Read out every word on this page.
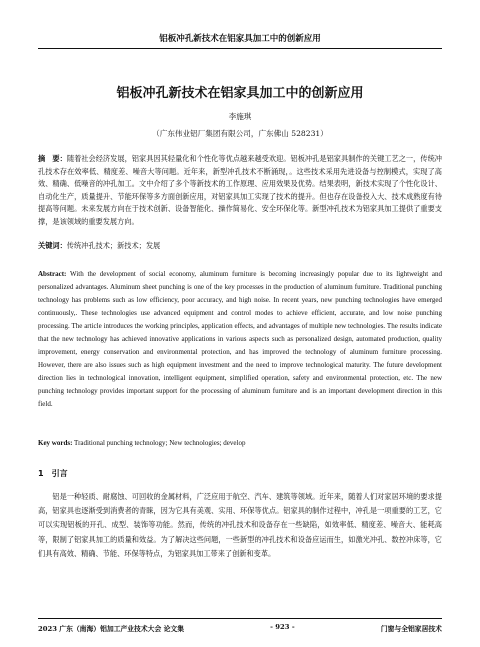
铝板冲孔新技术在铝家具加工中的创新应用
铝板冲孔新技术在铝家具加工中的创新应用
李施琪
（广东伟业铝厂集团有限公司，广东佛山 528231）
摘　要：随着社会经济发展，铝家具因其轻量化和个性化等优点越来越受欢迎。铝板冲孔是铝家具制作的关键工艺之一，传统冲孔技术存在效率低、精度差、噪音大等问题。近年来，新型冲孔技术不断涌现，。这些技术采用先进设备与控制模式，实现了高效、精确、低噪音的冲孔加工。文中介绍了多个等新技术的工作原理、应用效果及优势。结果表明，新技术实现了个性化设计、自动化生产，质量提升、节能环保等多方面创新应用，对铝家具加工实现了技术的提升。但也存在设备投入大、技术成熟度有待提高等问题。未来发展方向在于技术创新、设备智能化、操作简易化、安全环保化等。新型冲孔技术为铝家具加工提供了重要支撑，是该领域的重要发展方向。
关键词：传统冲孔技术；新技术；发展
Abstract: With the development of social economy, aluminum furniture is becoming increasingly popular due to its lightweight and personalized advantages. Aluminum sheet punching is one of the key processes in the production of aluminum furniture. Traditional punching technology has problems such as low efficiency, poor accuracy, and high noise. In recent years, new punching technologies have emerged continuously,. These technologies use advanced equipment and control modes to achieve efficient, accurate, and low noise punching processing. The article introduces the working principles, application effects, and advantages of multiple new technologies. The results indicate that the new technology has achieved innovative applications in various aspects such as personalized design, automated production, quality improvement, energy conservation and environmental protection, and has improved the technology of aluminum furniture processing. However, there are also issues such as high equipment investment and the need to improve technological maturity. The future development direction lies in technological innovation, intelligent equipment, simplified operation, safety and environmental protection, etc. The new punching technology provides important support for the processing of aluminum furniture and is an important development direction in this field.
Key words: Traditional punching technology; New technologies; develop
1　引言
铝是一种轻质、耐腐蚀、可回收的金属材料，广泛应用于航空、汽车、建筑等领域。近年来，随着人们对家居环境的要求提高，铝家具也逐渐受到消费者的青睐，因为它具有美观、实用、环保等优点。铝家具的制作过程中，冲孔是一项重要的工艺，它可以实现铝板的开孔、成型、装饰等功能。然而，传统的冲孔技术和设备存在一些缺陷，如效率低、精度差、噪音大、能耗高等，限制了铝家具加工的质量和效益。为了解决这些问题，一些新型的冲孔技术和设备应运而生，如激光冲孔、数控冲床等，它们具有高效、精确、节能、环保等特点，为铝家具加工带来了创新和变革。
2023 广东（南海）铝加工产业技术大会 论文集	- 923 -	门窗与全铝家居技术
